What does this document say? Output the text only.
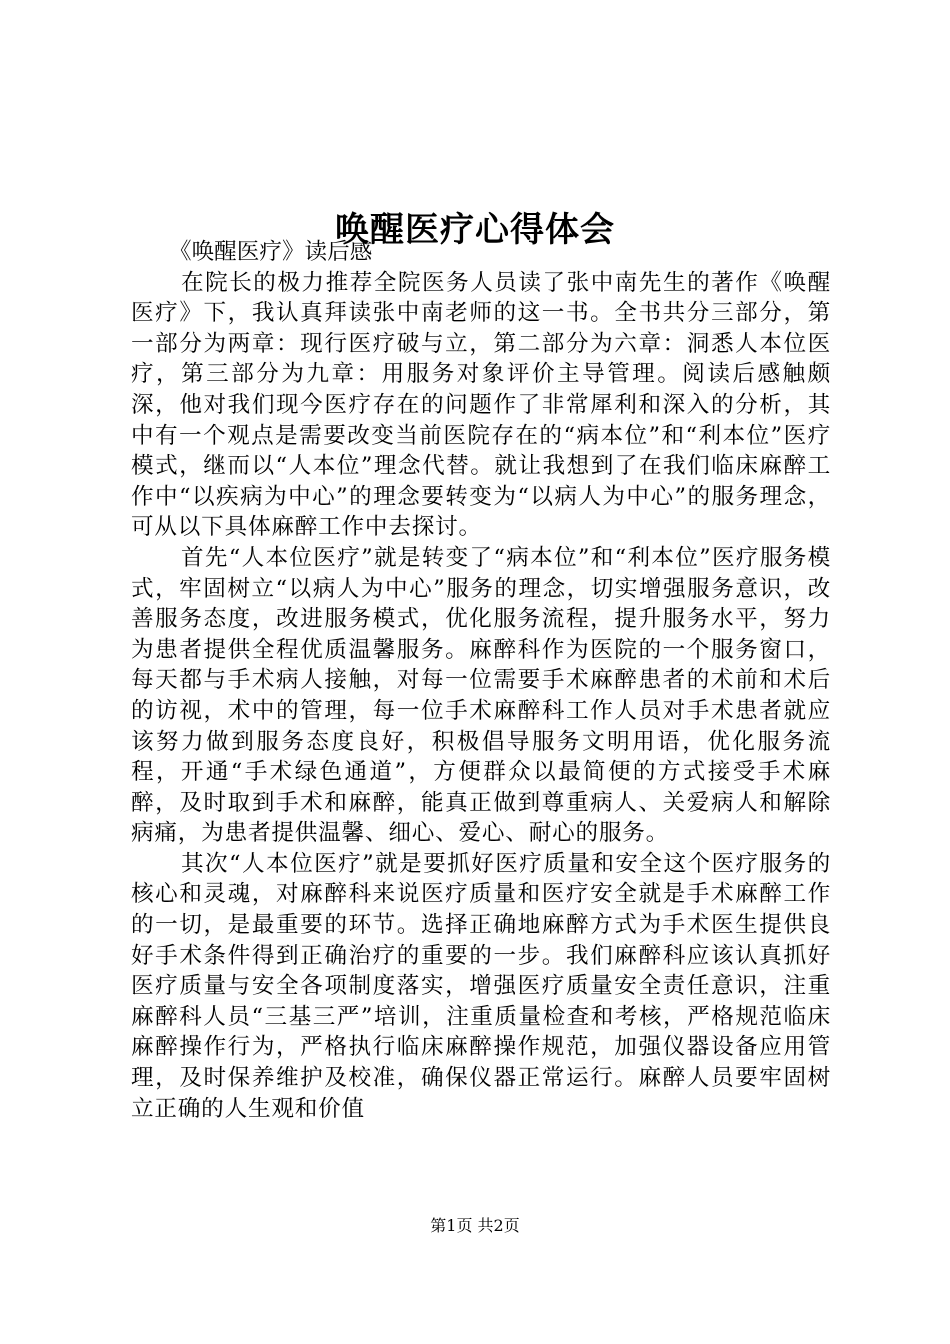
唤醒医疗心得体会

《唤醒医疗》读后感

在院长的极力推荐全院医务人员读了张中南先生的著作《唤醒医疗》下，我认真拜读张中南老师的这一书。全书共分三部分，第一部分为两章：现行医疗破与立，第二部分为六章：洞悉人本位医疗，第三部分为九章：用服务对象评价主导管理。阅读后感触颇深，他对我们现今医疗存在的问题作了非常犀利和深入的分析，其中有一个观点是需要改变当前医院存在的“病本位”和“利本位”医疗模式，继而以“人本位”理念代替。就让我想到了在我们临床麻醉工作中“以疾病为中心”的理念要转变为“以病人为中心”的服务理念，可从以下具体麻醉工作中去探讨。

首先“人本位医疗”就是转变了“病本位”和“利本位”医疗服务模式，牢固树立“以病人为中心”服务的理念，切实增强服务意识，改善服务态度，改进服务模式，优化服务流程，提升服务水平，努力为患者提供全程优质温馨服务。麻醉科作为医院的一个服务窗口，每天都与手术病人接触，对每一位需要手术麻醉患者的术前和术后的访视，术中的管理，每一位手术麻醉科工作人员对手术患者就应该努力做到服务态度良好，积极倡导服务文明用语，优化服务流程，开通“手术绿色通道”，方便群众以最简便的方式接受手术麻醉，及时取到手术和麻醉，能真正做到尊重病人、关爱病人和解除病痛，为患者提供温馨、细心、爱心、耐心的服务。

其次“人本位医疗”就是要抓好医疗质量和安全这个医疗服务的核心和灵魂，对麻醉科来说医疗质量和医疗安全就是手术麻醉工作的一切，是最重要的环节。选择正确地麻醉方式为手术医生提供良好手术条件得到正确治疗的重要的一步。我们麻醉科应该认真抓好医疗质量与安全各项制度落实，增强医疗质量安全责任意识，注重麻醉科人员“三基三严”培训，注重质量检查和考核，严格规范临床麻醉操作行为，严格执行临床麻醉操作规范，加强仪器设备应用管理，及时保养维护及校准，确保仪器正常运行。麻醉人员要牢固树立正确的人生观和价值

第1页 共2页
